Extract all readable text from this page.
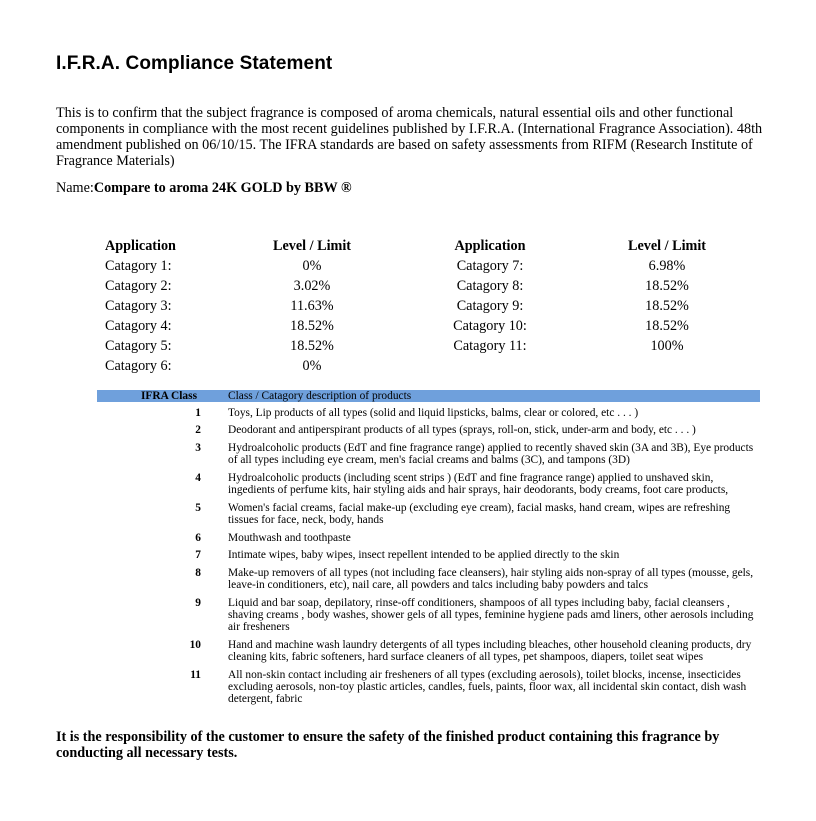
I.F.R.A. Compliance Statement

This is to confirm that the subject fragrance is composed of aroma chemicals, natural essential oils and other functional components in compliance with the most recent guidelines published by I.F.R.A. (International Fragrance Association). 48th amendment published on 06/10/15. The IFRA standards are based on safety assessments from RIFM (Research Institute of Fragrance Materials)

Name:Compare to aroma 24K GOLD by BBW ®
Application
Catagory 1:
Catagory 2:
Catagory 3:
Catagory 4:
Catagory 5:
Catagory 6:
Level / Limit
0%
3.02%
11.63%
18.52%
18.52%
0%
Application
Catagory 7:
Catagory 8:
Catagory 9:
Catagory 10:
Catagory 11:
Level / Limit
6.98%
18.52%
18.52%
18.52%
100%
IFRA Class	Class / Catagory description of products
1 Toys, Lip products of all types (solid and liquid lipsticks, balms, clear or colored, etc . . . )
2 Deodorant and antiperspirant products of all types (sprays, roll-on, stick, under-arm and body, etc . . . )
3 Hydroalcoholic products (EdT and fine fragrance range) applied to recently shaved skin (3A and 3B), Eye products of all types including eye cream, men's facial creams and balms (3C), and tampons (3D)
4 Hydroalcoholic products (including scent strips ) (EdT and fine fragrance range) applied to unshaved skin, ingedients of perfume kits, hair styling aids and hair sprays, hair deodorants, body creams, foot care products,
5 Women's facial creams, facial make-up (excluding eye cream), facial masks, hand cream, wipes are refreshing tissues for face, neck, body, hands
6 Mouthwash and toothpaste
7 Intimate wipes, baby wipes, insect repellent intended to be applied directly to the skin
8 Make-up removers of all types (not including face cleansers), hair styling aids non-spray of all types (mousse, gels, leave-in conditioners, etc), nail care, all powders and talcs including baby powders and talcs
9 Liquid and bar soap, depilatory, rinse-off conditioners, shampoos of all types including baby, facial cleansers , shaving creams , body washes, shower gels of all types, feminine hygiene pads amd liners, other aerosols including air fresheners
10 Hand and machine wash laundry detergents of all types including bleaches, other household cleaning products, dry cleaning kits, fabric softeners, hard surface cleaners of all types, pet shampoos, diapers, toilet seat wipes
11 All non-skin contact including air fresheners of all types (excluding aerosols), toilet blocks, incense, insecticides excluding aerosols, non-toy plastic articles, candles, fuels, paints, floor wax, all incidental skin contact, dish wash detergent, fabric

It is the responsibility of the customer to ensure the safety of the finished product containing this fragrance by conducting all necessary tests.
